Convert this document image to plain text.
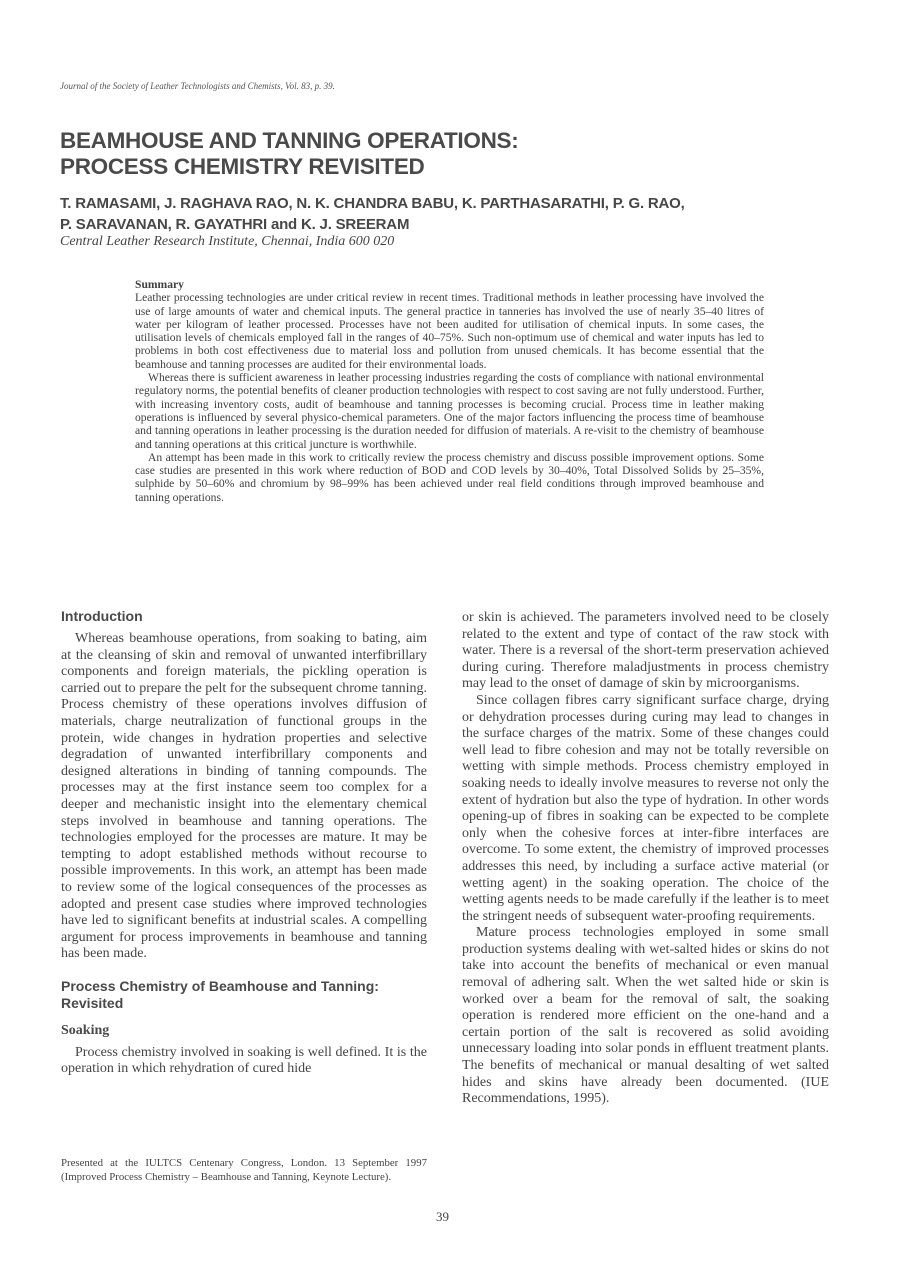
Journal of the Society of Leather Technologists and Chemists, Vol. 83, p. 39.
BEAMHOUSE AND TANNING OPERATIONS:
PROCESS CHEMISTRY REVISITED
T. RAMASAMI, J. RAGHAVA RAO, N. K. CHANDRA BABU, K. PARTHASARATHI, P. G. RAO,
P. SARAVANAN, R. GAYATHRI and K. J. SREERAM
Central Leather Research Institute, Chennai, India 600 020
Summary

Leather processing technologies are under critical review in recent times. Traditional methods in leather processing have involved the use of large amounts of water and chemical inputs. The general practice in tanneries has involved the use of nearly 35–40 litres of water per kilogram of leather processed. Processes have not been audited for utilisation of chemical inputs. In some cases, the utilisation levels of chemicals employed fall in the ranges of 40–75%. Such non-optimum use of chemical and water inputs has led to problems in both cost effectiveness due to material loss and pollution from unused chemicals. It has become essential that the beamhouse and tanning processes are audited for their environmental loads.

Whereas there is sufficient awareness in leather processing industries regarding the costs of compliance with national environmental regulatory norms, the potential benefits of cleaner production technologies with respect to cost saving are not fully understood. Further, with increasing inventory costs, audit of beamhouse and tanning processes is becoming crucial. Process time in leather making operations is influenced by several physico-chemical parameters. One of the major factors influencing the process time of beamhouse and tanning operations in leather processing is the duration needed for diffusion of materials. A re-visit to the chemistry of beamhouse and tanning operations at this critical juncture is worthwhile.

An attempt has been made in this work to critically review the process chemistry and discuss possible improvement options. Some case studies are presented in this work where reduction of BOD and COD levels by 30–40%, Total Dissolved Solids by 25–35%, sulphide by 50–60% and chromium by 98–99% has been achieved under real field conditions through improved beamhouse and tanning operations.

Introduction

Whereas beamhouse operations, from soaking to bating, aim at the cleansing of skin and removal of unwanted interfibrillary components and foreign materials, the pickling operation is carried out to prepare the pelt for the subsequent chrome tanning. Process chemistry of these operations involves diffusion of materials, charge neutralization of functional groups in the protein, wide changes in hydration properties and selective degradation of unwanted interfibrillary components and designed alterations in binding of tanning compounds. The processes may at the first instance seem too complex for a deeper and mechanistic insight into the elementary chemical steps involved in beamhouse and tanning operations. The technologies employed for the processes are mature. It may be tempting to adopt established methods without recourse to possible improvements. In this work, an attempt has been made to review some of the logical consequences of the processes as adopted and present case studies where improved technologies have led to significant benefits at industrial scales. A compelling argument for process improvements in beamhouse and tanning has been made.

Process Chemistry of Beamhouse and Tanning: Revisited
Soaking

Process chemistry involved in soaking is well defined. It is the operation in which rehydration of cured hide

or skin is achieved. The parameters involved need to be closely related to the extent and type of contact of the raw stock with water. There is a reversal of the short-term preservation achieved during curing. Therefore maladjustments in process chemistry may lead to the onset of damage of skin by microorganisms.

Since collagen fibres carry significant surface charge, drying or dehydration processes during curing may lead to changes in the surface charges of the matrix. Some of these changes could well lead to fibre cohesion and may not be totally reversible on wetting with simple methods. Process chemistry employed in soaking needs to ideally involve measures to reverse not only the extent of hydration but also the type of hydration. In other words opening-up of fibres in soaking can be expected to be complete only when the cohesive forces at inter-fibre interfaces are overcome. To some extent, the chemistry of improved processes addresses this need, by including a surface active material (or wetting agent) in the soaking operation. The choice of the wetting agents needs to be made carefully if the leather is to meet the stringent needs of subsequent water-proofing requirements.

Mature process technologies employed in some small production systems dealing with wet-salted hides or skins do not take into account the benefits of mechanical or even manual removal of adhering salt. When the wet salted hide or skin is worked over a beam for the removal of salt, the soaking operation is rendered more efficient on the one-hand and a certain portion of the salt is recovered as solid avoiding unnecessary loading into solar ponds in effluent treatment plants. The benefits of mechanical or manual desalting of wet salted hides and skins have already been documented. (IUE Recommendations, 1995).

Presented at the IULTCS Centenary Congress, London. 13 September 1997 (Improved Process Chemistry – Beamhouse and Tanning, Keynote Lecture).
39
